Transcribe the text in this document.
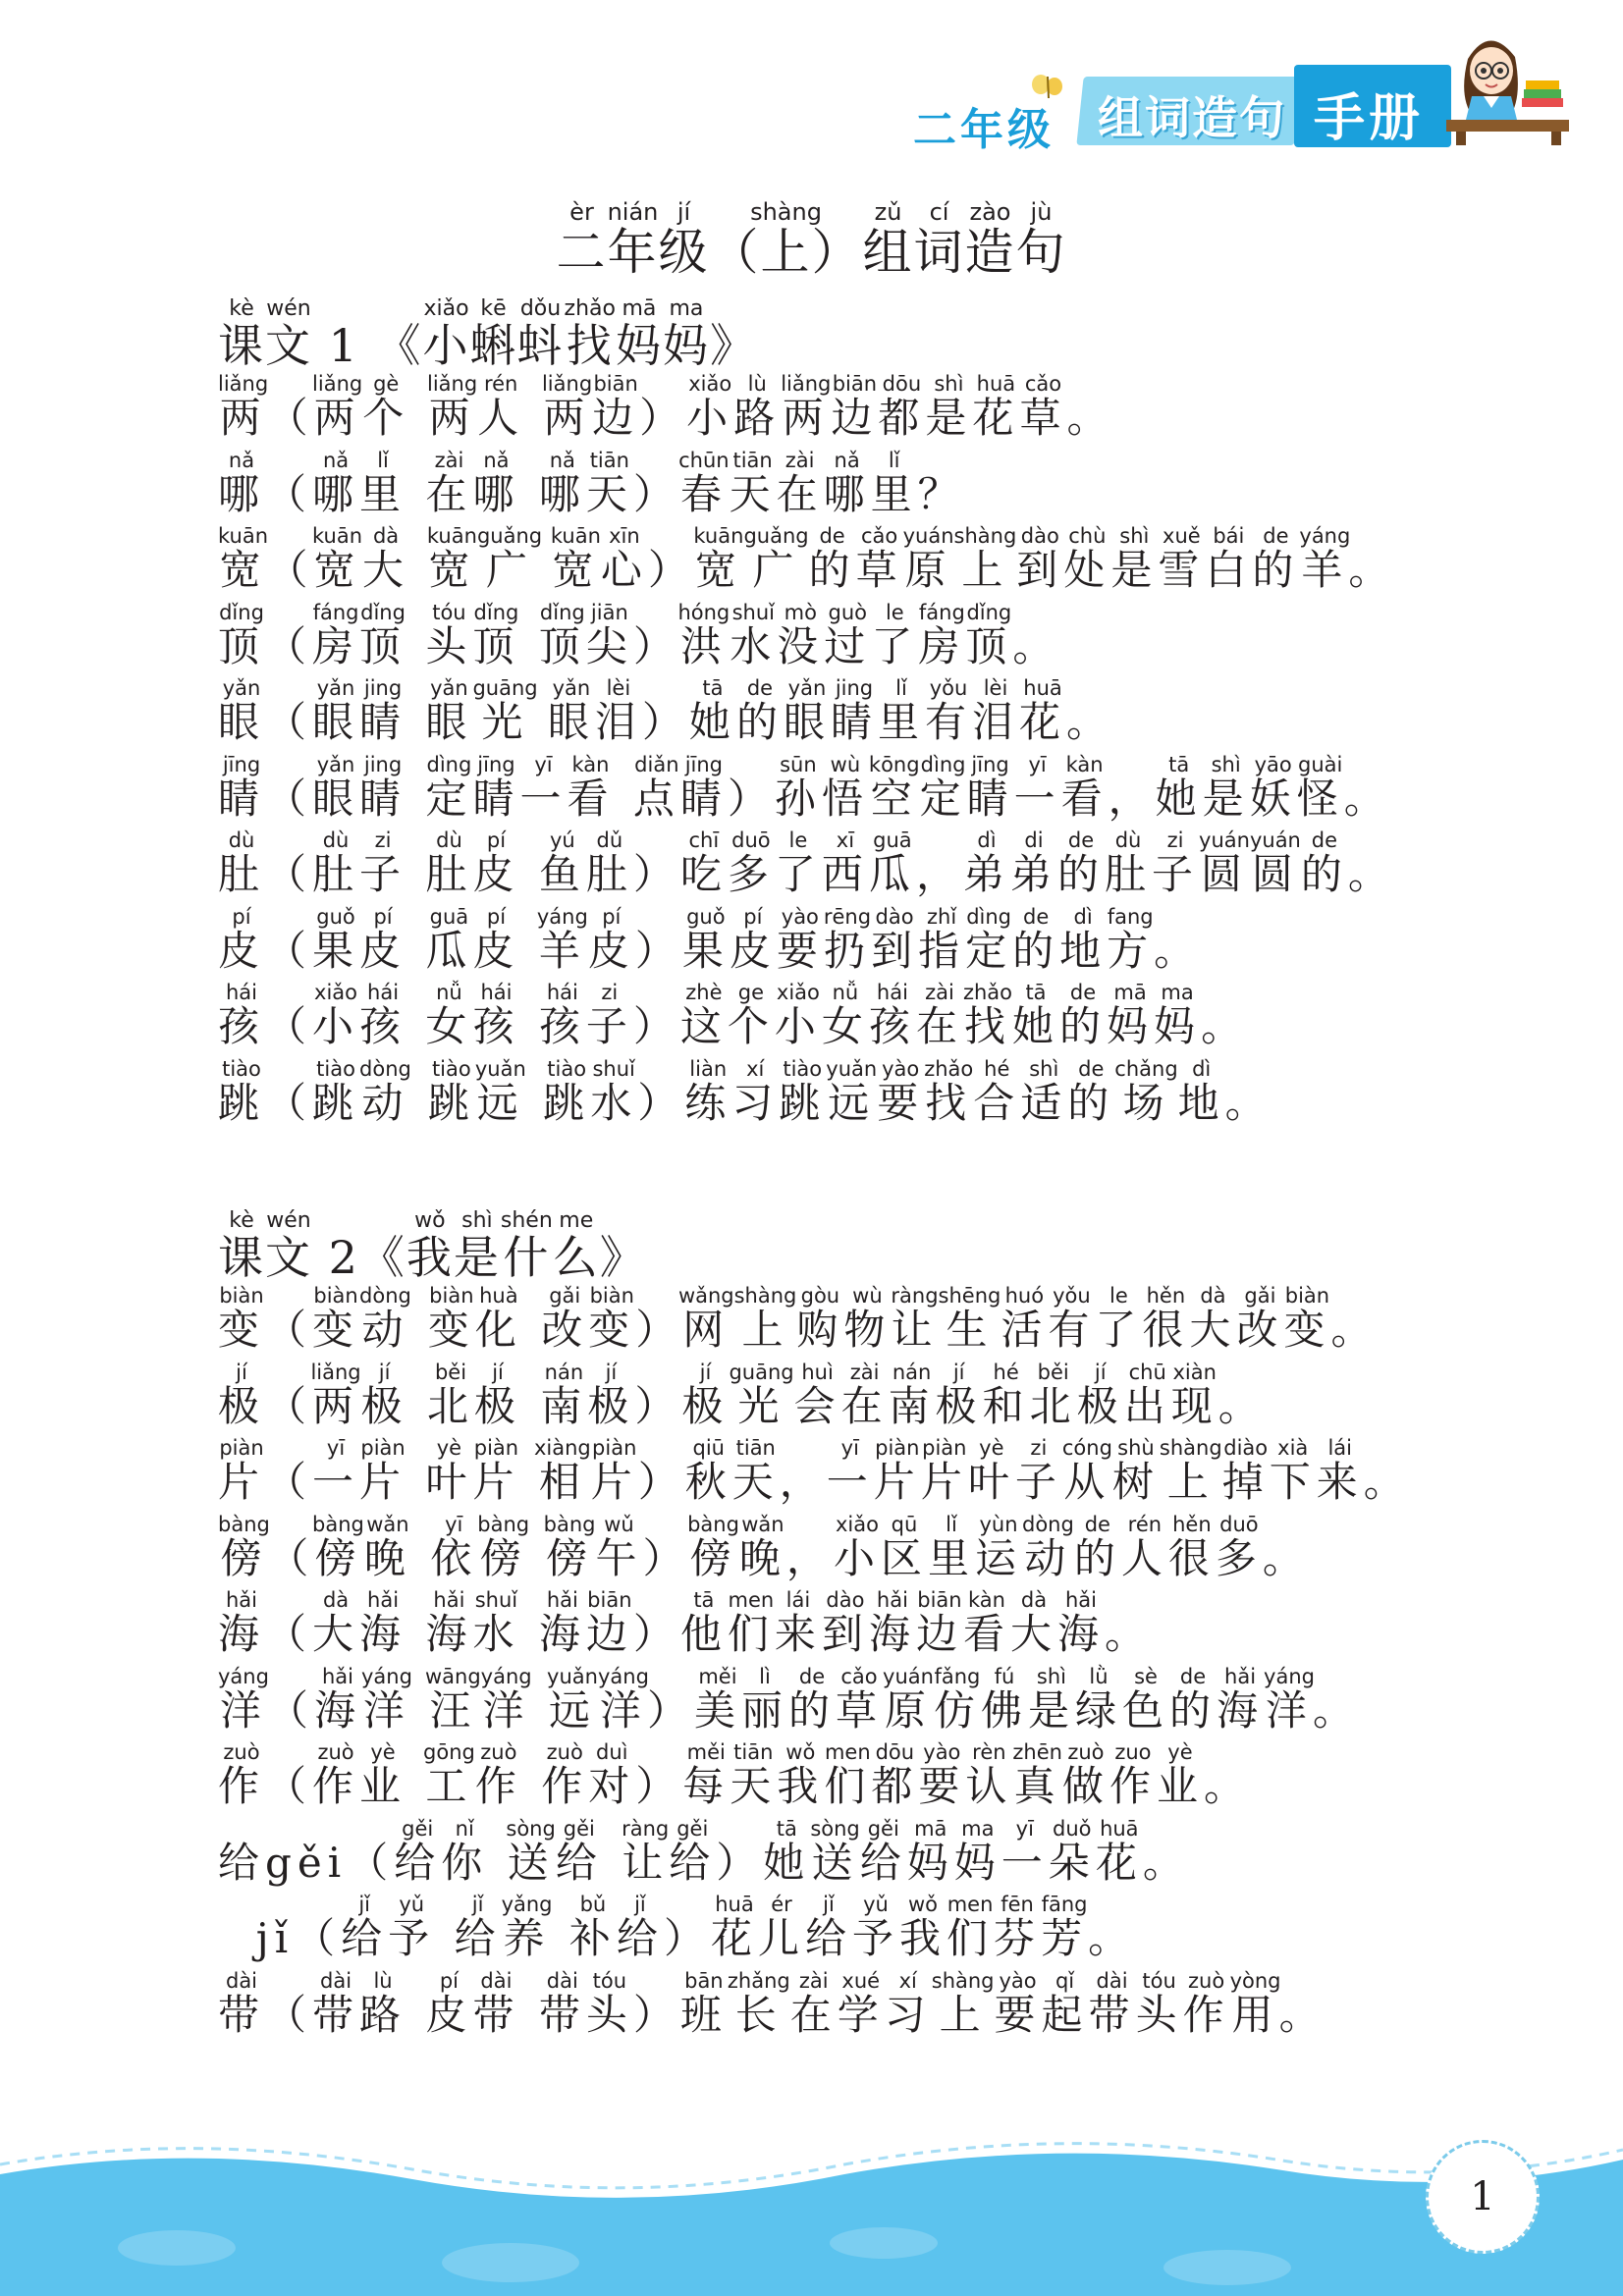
二年级 组词造句 手册
二èr年nián级jí（上shàng）组zǔ词cí造zào句jù
课kè文wén 1 《小xiǎo蝌kē蚪dǒu找zhǎo妈mā妈ma》
两liǎng（两liǎng个gè 两liǎng人rén 两liǎng边biān）小xiǎo路lù两liǎng边biān都dōu是shì花huā草cǎo。
哪nǎ（哪nǎ里lǐ 在zài哪nǎ 哪nǎ天tiān）春chūn天tiān在zài哪nǎ里lǐ？
宽kuān（宽kuān大dà 宽kuān广guǎng 宽kuān心xīn）宽kuān广guǎng的de草cǎo原yuán上shàng到dào处chù是shì雪xuě白bái的de羊yáng。
顶dǐng（房fáng顶dǐng 头tóu顶dǐng 顶dǐng尖jiān）洪hóng水shuǐ没mò过guò了le房fáng顶dǐng。
眼yǎn（眼yǎn睛jing 眼yǎn光guāng 眼yǎn泪lèi）她tā的de眼yǎn睛jing里lǐ有yǒu泪lèi花huā。
睛jīng（眼yǎn睛jing 定dìng睛jīng一yī看kàn 点diǎn睛jīng）孙sūn悟wù空kōng定dìng睛jīng一yī看kàn，她tā是shì妖yāo怪guài。
肚dù（肚dù子zi 肚dù皮pí 鱼yú肚dǔ）吃chī多duō了le西xī瓜guā，弟dì弟di的de肚dù子zi圆yuán圆yuán的de。
皮pí（果guǒ皮pí 瓜guā皮pí 羊yáng皮pí）果guǒ皮pí要yào扔rēng到dào指zhǐ定dìng的de地dì方fang。
孩hái（小xiǎo孩hái 女nǚ孩hái 孩hái子zi）这zhè个ge小xiǎo女nǚ孩hái在zài找zhǎo她tā的de妈mā妈ma。
跳tiào（跳tiào动dòng 跳tiào远yuǎn 跳tiào水shuǐ）练liàn习xí跳tiào远yuǎn要yào找zhǎo合hé适shì的de场chǎng地dì。
课kè文wén 2《我wǒ是shì什shén么me》
变biàn（变biàn动dòng 变biàn化huà 改gǎi变biàn）网wǎng上shàng购gòu物wù让ràng生shēng活huó有yǒu了le很hěn大dà改gǎi变biàn。
极jí（两liǎng极jí 北běi极jí 南nán极jí）极jí光guāng会huì在zài南nán极jí和hé北běi极jí出chū现xiàn。
片piàn（一yī片piàn 叶yè片piàn 相xiàng片piàn）秋qiū天tiān，一yī片piàn片piàn叶yè子zi从cóng树shù上shàng掉diào下xià来lái。
傍bàng（傍bàng晚wǎn 依yī傍bàng 傍bàng午wǔ）傍bàng晚wǎn，小xiǎo区qū里lǐ运yùn动dòng的de人rén很hěn多duō。
海hǎi（大dà海hǎi 海hǎi水shuǐ 海hǎi边biān）他tā们men来lái到dào海hǎi边biān看kàn大dà海hǎi。
洋yáng（海hǎi洋yáng 汪wāng洋yáng 远yuǎn洋yáng）美měi丽lì的de草cǎo原yuán仿fǎng佛fú是shì绿lǜ色sè的de海hǎi洋yáng。
作zuò（作zuò业yè 工gōng作zuò 作zuò对duì）每měi天tiān我wǒ们men都dōu要yào认rèn真zhēn做zuò作zuo业yè。
给gěi（给gěi你nǐ 送sòng给gěi 让ràng给gěi）她tā送sòng给gěi妈mā妈ma一yī朵duǒ花huā。
jǐ（给jǐ予yǔ 给jǐ养yǎng 补bǔ给jǐ）花huā儿ér给jǐ予yǔ我wǒ们men芬fēn芳fāng。
带dài（带dài路lù 皮pí带dài 带dài头tóu）班bān长zhǎng在zài学xué习xí上shàng要yào起qǐ带dài头tóu作zuò用yòng。
1
